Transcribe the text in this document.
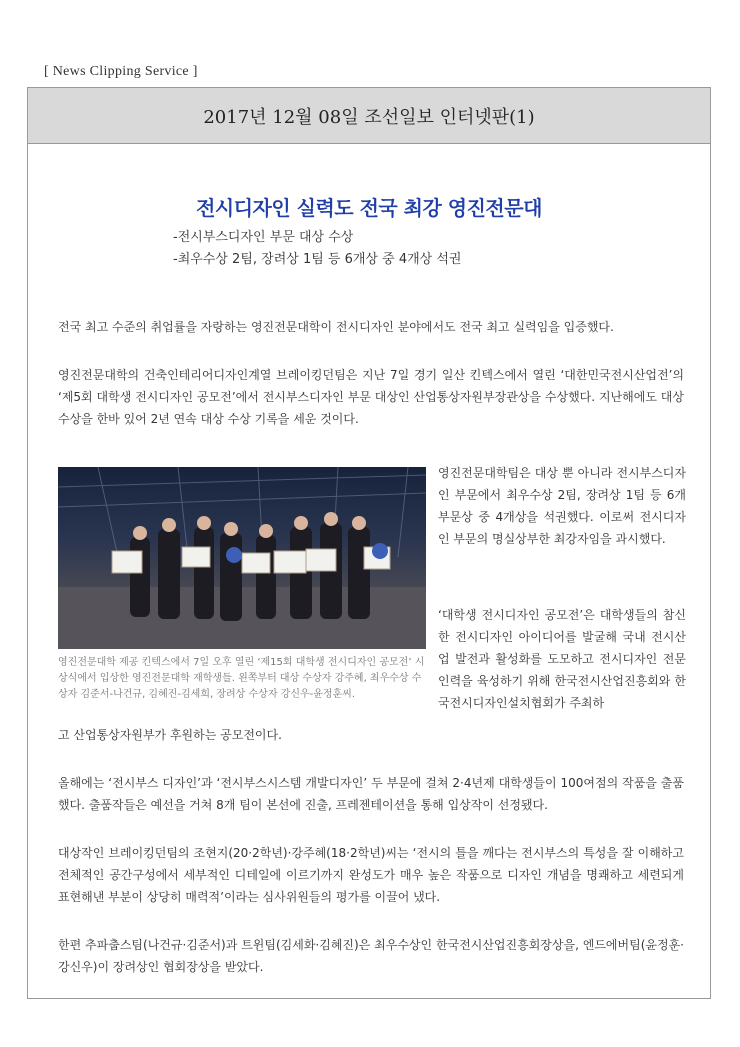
[ News Clipping Service ]
2017년 12월 08일 조선일보 인터넷판(1)
전시디자인 실력도 전국 최강 영진전문대
-전시부스디자인 부문 대상 수상
-최우수상 2팀, 장려상 1팀 등 6개상 중 4개상 석권

전국 최고 수준의 취업률을 자랑하는 영진전문대학이 전시디자인 분야에서도 전국 최고 실력임을 입증했다.

영진전문대학의 건축인테리어디자인계열 브레이킹던팀은 지난 7일 경기 일산 킨텍스에서 열린 ‘대한민국전시산업전’의 ‘제5회 대학생 전시디자인 공모전’에서 전시부스디자인 부문 대상인 산업통상자원부장관상을 수상했다. 지난해에도 대상 수상을 한바 있어 2년 연속 대상 수상 기록을 세운 것이다.

영진전문대학 제공 킨텍스에서 7일 오후 열린 ‘제15회 대학생 전시디자인 공모전’ 시상식에서 입상한 영진전문대학 재학생들. 왼쪽부터 대상 수상자 강주혜, 최우수상 수상자 김준서-나건규, 김혜진-김세희, 장려상 수상자 강신우-윤정훈씨.

영진전문대학팀은 대상 뿐 아니라 전시부스디자인 부문에서 최우수상 2팀, 장려상 1팀 등 6개 부문상 중 4개상을 석권했다. 이로써 전시디자인 부문의 명실상부한 최강자임을 과시했다.

‘대학생 전시디자인 공모전’은 대학생들의 참신한 전시디자인 아이디어를 발굴해 국내 전시산업 발전과 활성화를 도모하고 전시디자인 전문인력을 육성하기 위해 한국전시산업진흥회와 한국전시디자인설치협회가 주최하

고 산업통상자원부가 후원하는 공모전이다.

올해에는 ‘전시부스 디자인’과 ‘전시부스시스템 개발디자인’ 두 부문에 걸쳐 2·4년제 대학생들이 100여점의 작품을 출품했다. 출품작들은 예선을 거쳐 8개 팀이 본선에 진출, 프레젠테이션을 통해 입상작이 선정됐다.

대상작인 브레이킹던팀의 조현지(20·2학년)·강주혜(18·2학년)씨는 ‘전시의 틀을 깨다는 전시부스의 특성을 잘 이해하고 전체적인 공간구성에서 세부적인 디테일에 이르기까지 완성도가 매우 높은 작품으로 디자인 개념을 명쾌하고 세련되게 표현해낸 부분이 상당히 매력적’이라는 심사위원들의 평가를 이끌어 냈다.

한편 추파춥스팀(나건규·김준서)과 트윈팀(김세화·김혜진)은 최우수상인 한국전시산업진흥회장상을, 엔드에버팀(윤정훈·강신우)이 장려상인 협회장상을 받았다.
